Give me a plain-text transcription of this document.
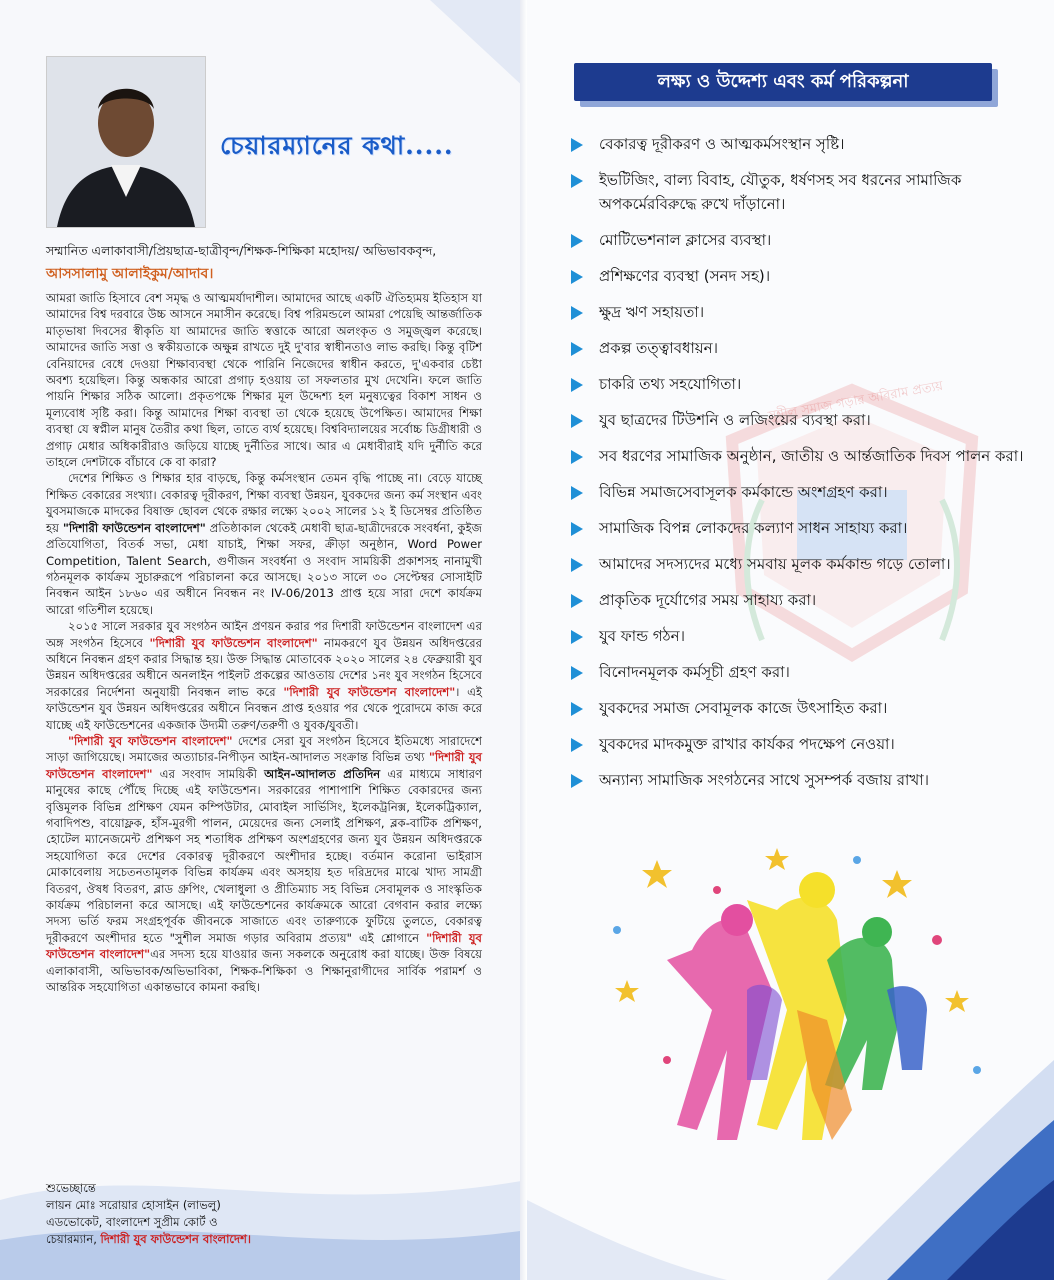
চেয়ারম্যানের কথা.....
সম্মানিত এলাকাবাসী/প্রিয়ছাত্র-ছাত্রীবৃন্দ/শিক্ষক-শিক্ষিকা মহোদয়/ অভিভাবকবৃন্দ,
আসসালামু আলাইকুম/আদাব।

আমরা জাতি হিসাবে বেশ সমৃদ্ধ ও আত্মমর্যাদাশীল। আমাদের আছে একটি ঐতিহ্যময় ইতিহাস যা আমাদের বিশ্ব দরবারে উচ্চ আসনে সমাসীন করেছে। বিশ্ব পরিমন্ডলে আমরা পেয়েছি আন্তর্জাতিক মাতৃভাষা দিবসের স্বীকৃতি যা আমাদের জাতি স্বত্তাকে আরো অলংকৃত ও সমুজ্জ্বল করেছে। আমাদের জাতি সত্তা ও স্বকীয়তাকে অক্ষুন্ন রাখতে দুই দু'বার স্বাধীনতাও লাভ করছি। কিন্তু বৃটিশ বেনিয়াদের বেধে দেওয়া শিক্ষাব্যবস্থা থেকে পারিনি নিজেদের স্বাধীন করতে, দু'একবার চেষ্টা অবশ্য হয়েছিল। কিন্তু অন্ধকার আরো প্রগাঢ় হওয়ায় তা সফলতার মুখ দেখেনি। ফলে জাতি পায়নি শিক্ষার সঠিক আলো। প্রকৃতপক্ষে শিক্ষার মূল উদ্দেশ্য হল মনুষ্যত্বের বিকাশ সাধন ও মূল্যবোধ সৃষ্টি করা। কিন্তু আমাদের শিক্ষা ব্যবস্থা তা থেকে হয়েছে উপেক্ষিত। আমাদের শিক্ষা ব্যবস্থা যে স্বপ্নীল মানুষ তৈরীর কথা ছিল, তাতে ব্যর্থ হয়েছে। বিশ্ববিদ্যালয়ের সর্বোচ্চ ডিগ্রীধারী ও প্রগাঢ় মেধার অধিকারীরাও জড়িয়ে যাচ্ছে দুর্নীতির সাথে। আর এ মেধাবীরাই যদি দুর্নীতি করে তাহলে দেশটাকে বাঁচাবে কে বা কারা?

দেশের শিক্ষিত ও শিক্ষার হার বাড়ছে, কিন্তু কর্মসংস্থান তেমন বৃদ্ধি পাচ্ছে না। বেড়ে যাচ্ছে শিক্ষিত বেকারের সংখ্যা। বেকারত্ব দূরীকরণ, শিক্ষা ব্যবস্থা উন্নয়ন, যুবকদের জন্য কর্ম সংস্থান এবং যুবসমাজকে মাদকের বিষাক্ত ছোবল থেকে রক্ষার লক্ষ্যে ২০০২ সালের ১২ ই ডিসেম্বর প্রতিষ্ঠিত হয় "দিশারী ফাউন্ডেশন বাংলাদেশ" প্রতিষ্ঠাকাল থেকেই মেধাবী ছাত্র-ছাত্রীদেরকে সংবর্ধনা, কুইজ প্রতিযোগিতা, বিতর্ক সভা, মেধা যাচাই, শিক্ষা সফর, ক্রীড়া অনুষ্ঠান, Word Power Competition, Talent Search, গুণীজন সংবর্ধনা ও সংবাদ সাময়িকী প্রকাশসহ নানামুখী গঠনমূলক কার্যক্রম সুচারুরূপে পরিচালনা করে আসছে। ২০১৩ সালে ৩০ সেপ্টেম্বর সোসাইটি নিবন্ধন আইন ১৮৬০ এর অধীনে নিবন্ধন নং IV-06/2013 প্রাপ্ত হয়ে সারা দেশে কার্যক্রম আরো গতিশীল হয়েছে।

২০১৫ সালে সরকার যুব সংগঠন আইন প্রণয়ন করার পর দিশারী ফাউন্ডেশন বাংলাদেশ এর অঙ্গ সংগঠন হিসেবে "দিশারী যুব ফাউন্ডেশন বাংলাদেশ" নামকরণে যুব উন্নয়ন অধিদপ্তরের অধিনে নিবন্ধন গ্রহণ করার সিদ্ধান্ত হয়। উক্ত সিদ্ধান্ত মোতাবেক ২০২০ সালের ২৪ ফেব্রুয়ারী যুব উন্নয়ন অধিদপ্তরের অধীনে অনলাইন পাইলট প্রকল্পের আওতায় দেশের ১নং যুব সংগঠন হিসেবে সরকারের নির্দেশনা অনুযায়ী নিবন্ধন লাভ করে "দিশারী যুব ফাউন্ডেশন বাংলাদেশ"। এই ফাউন্ডেশন যুব উন্নয়ন অধিদপ্তরের অধীনে নিবন্ধন প্রাপ্ত হওয়ার পর থেকে পুরোদমে কাজ করে যাচ্ছে এই ফাউন্ডেশনের একজাক উদ্যমী তরুণ/তরুণী ও যুবক/যুবতী।

"দিশারী যুব ফাউন্ডেশন বাংলাদেশ" দেশের সেরা যুব সংগঠন হিসেবে ইতিমধ্যে সারাদেশে সাড়া জাগিয়েছে। সমাজের অত্যাচার-নিপীড়ন আইন-আদালত সংক্রান্ত বিভিন্ন তথ্য "দিশারী যুব ফাউন্ডেশন বাংলাদেশ" এর সংবাদ সাময়িকী আইন-আদালত প্রতিদিন এর মাধ্যমে সাধারণ মানুষের কাছে পৌঁছে দিচ্ছে এই ফাউন্ডেশন। সরকারের পাশাপাশি শিক্ষিত বেকারদের জন্য বৃত্তিমূলক বিভিন্ন প্রশিক্ষণ যেমন কম্পিউটার, মোবাইল সার্ভিসিং, ইলেকট্রনিক্স, ইলেকট্রিক্যাল, গবাদিপশু, বায়োফ্লক, হাঁস-মুরগী পালন, মেয়েদের জন্য সেলাই প্রশিক্ষণ, ব্লক-বাটিক প্রশিক্ষণ, হোটেল ম্যানেজমেন্ট প্রশিক্ষণ সহ শতাধিক প্রশিক্ষণ অংশগ্রহণের জন্য যুব উন্নয়ন অধিদপ্তরকে সহযোগিতা করে দেশের বেকারত্ব দূরীকরণে অংশীদার হচ্ছে। বর্তমান করোনা ভাইরাস মোকাবেলায় সচেতনতামূলক বিভিন্ন কার্যক্রম এবং অসহায় হত দরিদ্রদের মাঝে খাদ্য সামগ্রী বিতরণ, ঔষধ বিতরণ, ব্লাড গ্রুপিং, খেলাধুলা ও প্রীতিম্যাচ সহ বিভিন্ন সেবামূলক ও সাংস্কৃতিক কার্যক্রম পরিচালনা করে আসছে। এই ফাউন্ডেশনের কার্যক্রমকে আরো বেগবান করার লক্ষ্যে সদস্য ভর্তি ফরম সংগ্রহপূর্বক জীবনকে সাজাতে এবং তারুণ্যকে ফুটিয়ে তুলতে, বেকারত্ব দূরীকরণে অংশীদার হতে "সুশীল সমাজ গড়ার অবিরাম প্রত্যয়" এই শ্লোগানে "দিশারী যুব ফাউন্ডেশন বাংলাদেশ"এর সদস্য হয়ে যাওয়ার জন্য সকলকে অনুরোধ করা যাচ্ছে। উক্ত বিষয়ে এলাকাবাসী, অভিভাবক/অভিভাবিকা, শিক্ষক-শিক্ষিকা ও শিক্ষানুরাগীদের সার্বিক পরামর্শ ও আন্তরিক সহযোগিতা একান্তভাবে কামনা করছি।

শুভেচ্ছান্তে
লায়ন মোঃ সরোয়ার হোসাইন (লাভলু)
এডভোকেট, বাংলাদেশ সুপ্রীম কোর্ট ও
চেয়ারম্যান, দিশারী যুব ফাউন্ডেশন বাংলাদেশ।
লক্ষ্য ও উদ্দেশ্য এবং কর্ম পরিকল্পনা
সুশীল সমাজ গড়ার অবিরাম প্রত্যয়
বেকারত্ব দূরীকরণ ও আত্মকর্মসংস্থান সৃষ্টি।
ইভটিজিং, বাল্য বিবাহ, যৌতুক, ধর্ষণসহ সব ধরনের সামাজিক অপকর্মেরবিরুদ্ধে রুখে দাঁড়ানো।
মোটিভেশনাল ক্লাসের ব্যবস্থা।
প্রশিক্ষণের ব্যবস্থা (সনদ সহ)।
ক্ষুদ্র ঋণ সহায়তা।
প্রকল্প তত্ত্বাবধায়ন।
চাকরি তথ্য সহযোগিতা।
যুব ছাত্রদের টিউশনি ও লজিংয়ের ব্যবস্থা করা।
সব ধরণের সামাজিক অনুষ্ঠান, জাতীয় ও আর্ন্তজাতিক দিবস পালন করা।
বিভিন্ন সমাজসেবাসূলক কর্মকান্ডে অংশগ্রহণ করা।
সামাজিক বিপন্ন লোকদের কল্যাণ সাধন সাহায্য করা।
আমাদের সদস্যদের মধ্যে সমবায় মূলক কর্মকান্ড গড়ে তোলা।
প্রাকৃতিক দূর্যোগের সময় সাহায্য করা।
যুব ফান্ড গঠন।
বিনোদনমূলক কর্মসূচী গ্রহণ করা।
যুবকদের সমাজ সেবামূলক কাজে উৎসাহিত করা।
যুবকদের মাদকমুক্ত রাখার কার্যকর পদক্ষেপ নেওয়া।
অন্যান্য সামাজিক সংগঠনের সাথে সুসম্পর্ক বজায় রাখা।
